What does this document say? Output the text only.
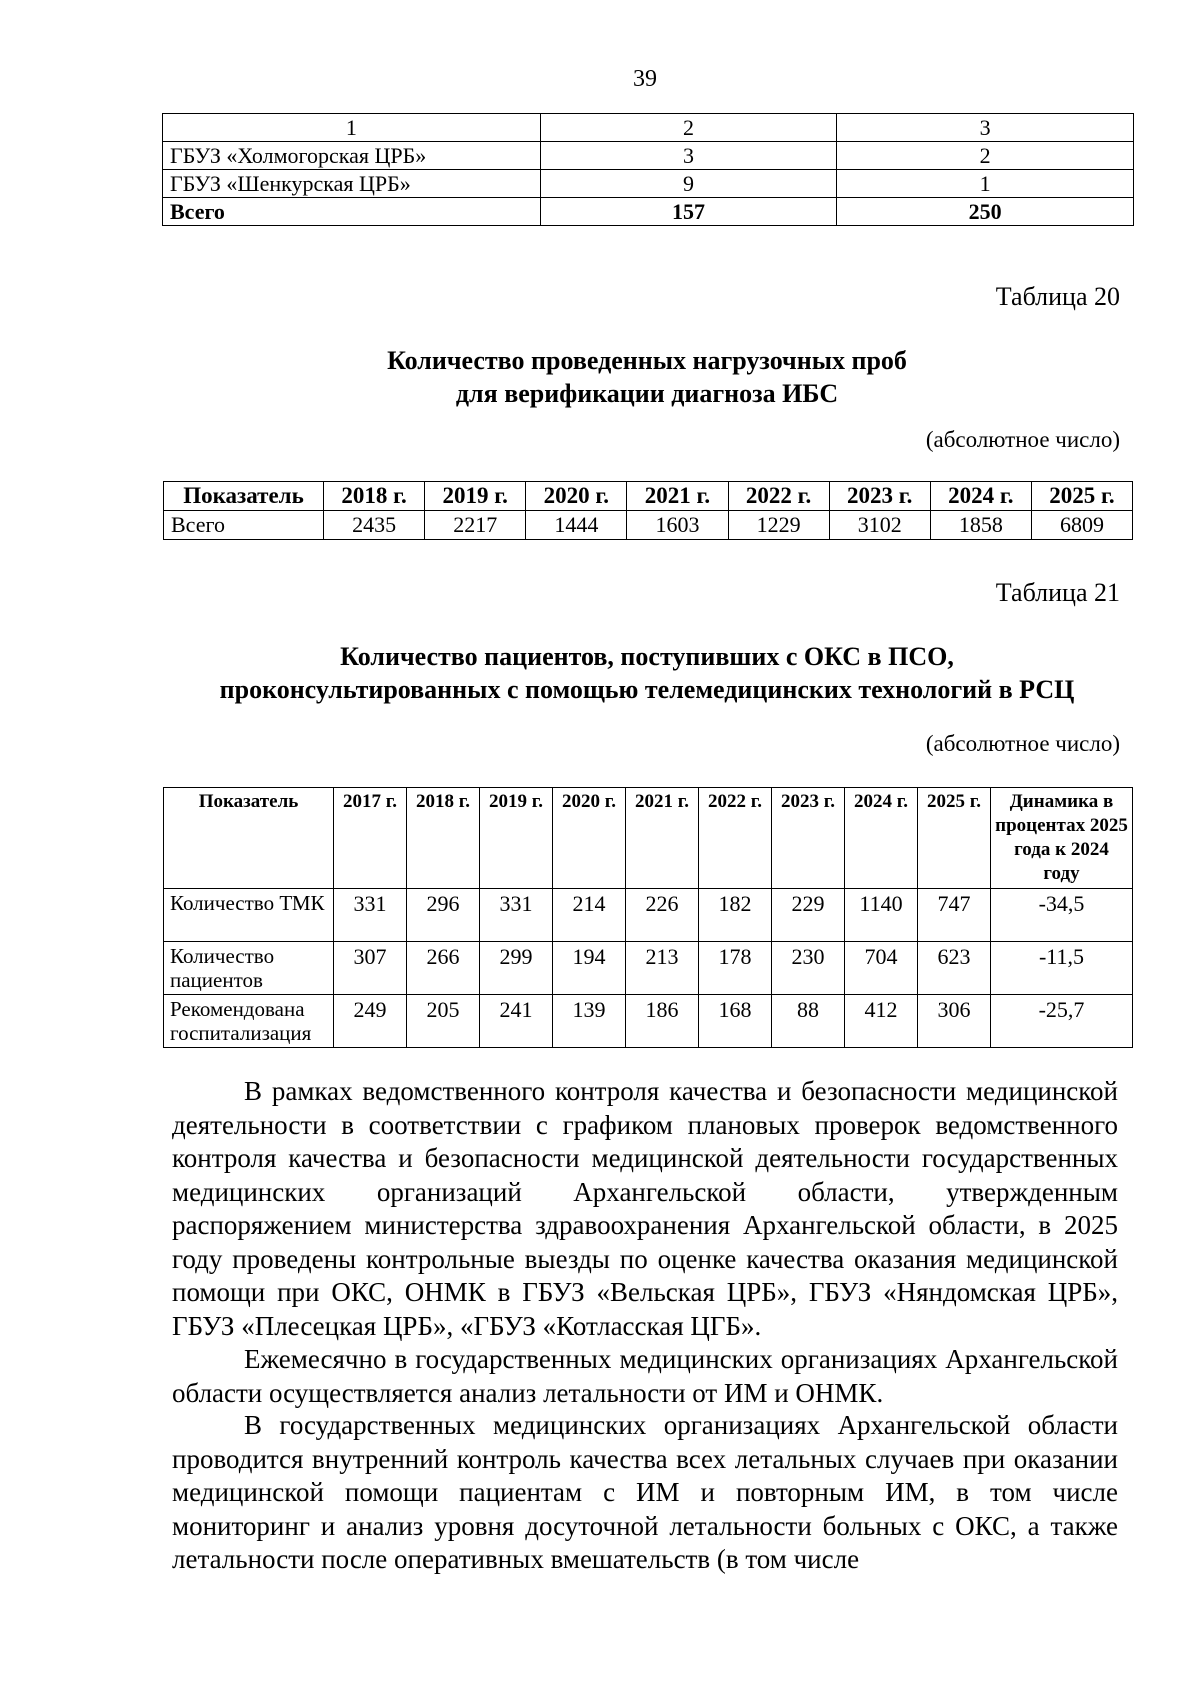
39
1	2	3
ГБУЗ «Холмогорская ЦРБ»	3	2
ГБУЗ «Шенкурская ЦРБ»	9	1
Всего	157	250
Таблица 20
Количество проведенных нагрузочных проб
для верификации диагноза ИБС
(абсолютное число)
Показатель	2018 г.	2019 г.	2020 г.	2021 г.	2022 г.	2023 г.	2024 г.	2025 г.
Всего	2435	2217	1444	1603	1229	3102	1858	6809
Таблица 21
Количество пациентов, поступивших с ОКС в ПСО,
проконсультированных с помощью телемедицинских технологий в РСЦ
(абсолютное число)
Показатель	2017 г.	2018 г.	2019 г.	2020 г.	2021 г.	2022 г.	2023 г.	2024 г.	2025 г.	Динамика в процентах 2025 года к 2024 году
Количество ТМК	331	296	331	214	226	182	229	1140	747	-34,5
Количество пациентов	307	266	299	194	213	178	230	704	623	-11,5
Рекомендована госпитализация	249	205	241	139	186	168	88	412	306	-25,7

В рамках ведомственного контроля качества и безопасности медицинской деятельности в соответствии с графиком плановых проверок ведомственного контроля качества и безопасности медицинской деятельности государственных медицинских организаций Архангельской области, утвержденным распоряжением министерства здравоохранения Архангельской области, в 2025 году проведены контрольные выезды по оценке качества оказания медицинской помощи при ОКС, ОНМК в ГБУЗ «Вельская ЦРБ», ГБУЗ «Няндомская ЦРБ», ГБУЗ «Плесецкая ЦРБ», «ГБУЗ «Котласская ЦГБ».

Ежемесячно в государственных медицинских организациях Архангельской области осуществляется анализ летальности от ИМ и ОНМК.

В государственных медицинских организациях Архангельской области проводится внутренний контроль качества всех летальных случаев при оказании медицинской помощи пациентам с ИМ и повторным ИМ, в том числе мониторинг и анализ уровня досуточной летальности больных с ОКС, а также летальности после оперативных вмешательств (в том числе
